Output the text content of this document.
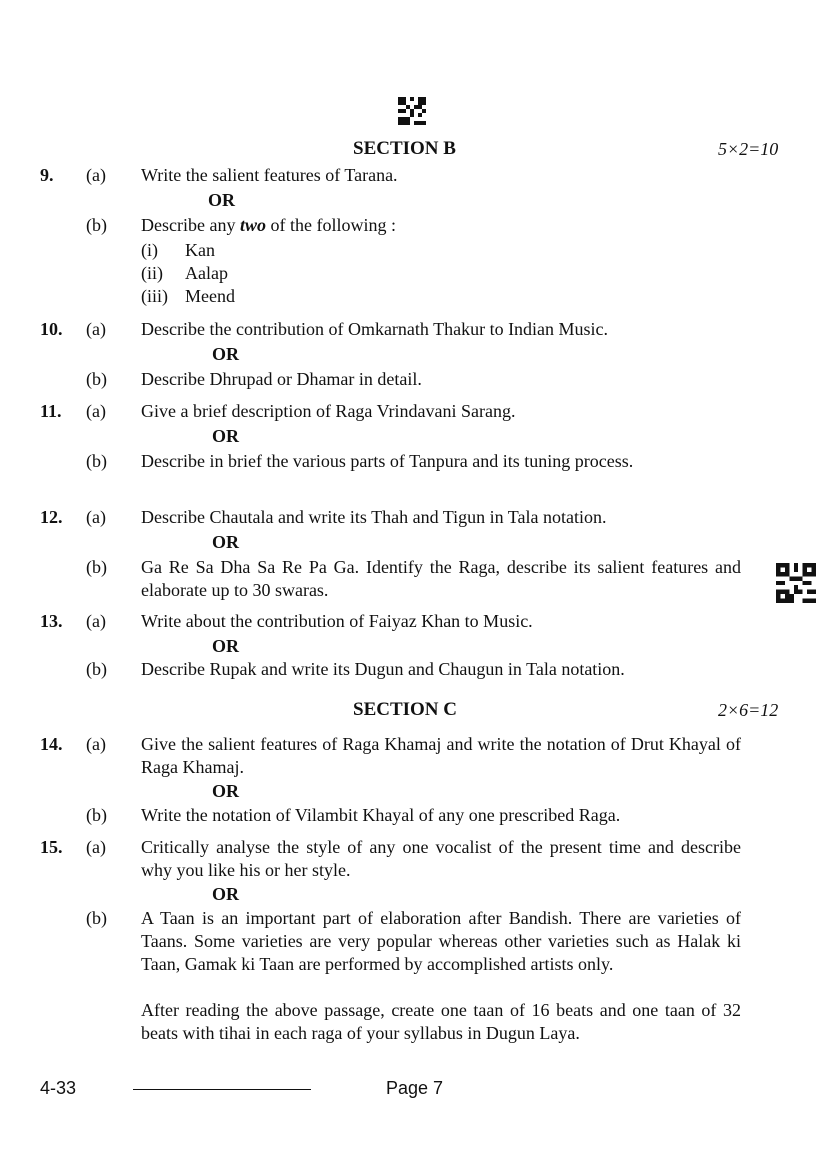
SECTION B	5×2=10
9. (a) Write the salient features of Tarana.
OR
(b) Describe any two of the following :
(i) Kan
(ii) Aalap
(iii) Meend
10. (a) Describe the contribution of Omkarnath Thakur to Indian Music.
OR
(b) Describe Dhrupad or Dhamar in detail.
11. (a) Give a brief description of Raga Vrindavani Sarang.
OR
(b) Describe in brief the various parts of Tanpura and its tuning process.
12. (a) Describe Chautala and write its Thah and Tigun in Tala notation.
OR
(b) Ga Re Sa Dha Sa Re Pa Ga. Identify the Raga, describe its salient features and elaborate up to 30 swaras.
13. (a) Write about the contribution of Faiyaz Khan to Music.
OR
(b) Describe Rupak and write its Dugun and Chaugun in Tala notation.
SECTION C	2×6=12
14. (a) Give the salient features of Raga Khamaj and write the notation of Drut Khayal of Raga Khamaj.
OR
(b) Write the notation of Vilambit Khayal of any one prescribed Raga.
15. (a) Critically analyse the style of any one vocalist of the present time and describe why you like his or her style.
OR
(b) A Taan is an important part of elaboration after Bandish. There are varieties of Taans. Some varieties are very popular whereas other varieties such as Halak ki Taan, Gamak ki Taan are performed by accomplished artists only.
After reading the above passage, create one taan of 16 beats and one taan of 32 beats with tihai in each raga of your syllabus in Dugun Laya.
4-33	Page 7
